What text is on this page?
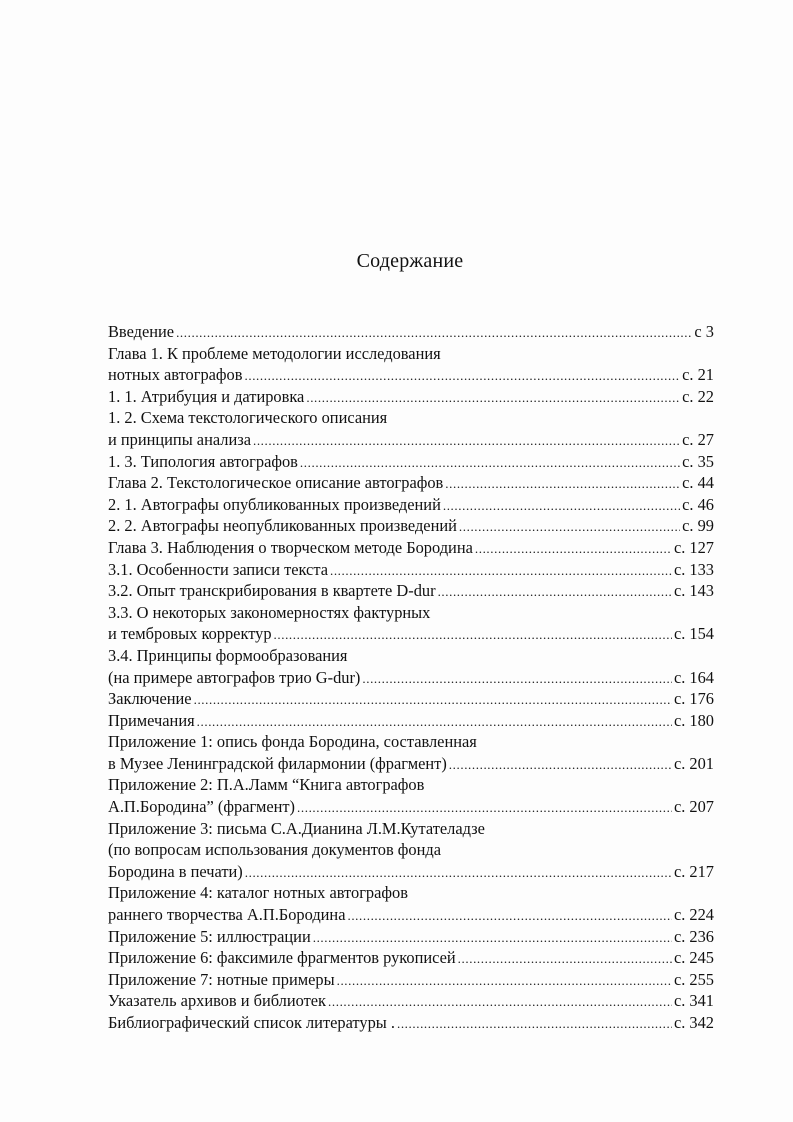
Содержание
Введение .....	c 3
Глава 1. К проблеме методологии исследования
нотных автографов .....	c. 21
1. 1. Атрибуция и датировка .....	c. 22
1. 2. Схема текстологического описания
и принципы анализа .....	c. 27
1. 3. Типология автографов .....	c. 35
Глава 2. Текстологическое описание автографов .....	c. 44
2. 1. Автографы опубликованных произведений .....	c. 46
2. 2. Автографы неопубликованных произведений .....	c. 99
Глава 3. Наблюдения о творческом методе Бородина .....	c. 127
3.1. Особенности записи текста .....	c. 133
3.2. Опыт транскрибирования в квартете D-dur .....	c. 143
3.3. О некоторых закономерностях фактурных
и тембровых корректур .....	c. 154
3.4. Принципы формообразования
(на примере автографов трио G-dur) .....	c. 164
Заключение .....	c. 176
Примечания .....	c. 180
Приложение 1: опись фонда Бородина, составленная
в Музее Ленинградской филармонии (фрагмент) .....	c. 201
Приложение 2: П.А.Ламм “Книга автографов
А.П.Бородина” (фрагмент) .....	c. 207
Приложение 3: письма С.А.Дианина Л.М.Кутателадзе
(по вопросам использования документов фонда
Бородина в печати) .....	c. 217
Приложение 4: каталог нотных автографов
раннего творчества А.П.Бородина .....	c. 224
Приложение 5: иллюстрации .....	c. 236
Приложение 6: факсимиле фрагментов рукописей .....	c. 245
Приложение 7: нотные примеры .....	c. 255
Указатель архивов и библиотек .....	c. 341
Библиографический список литературы . .....	c. 342
